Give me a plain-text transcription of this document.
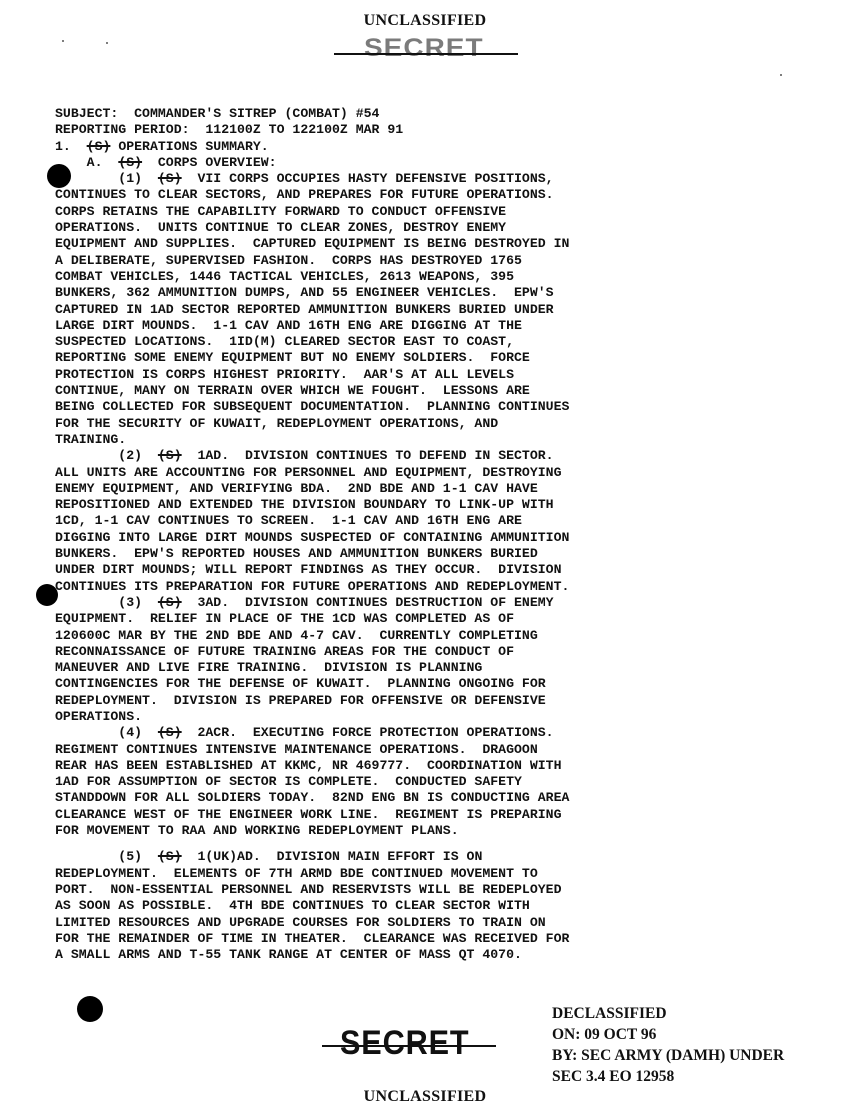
UNCLASSIFIED
SECRET
SUBJECT:  COMMANDER'S SITREP (COMBAT) #54
REPORTING PERIOD:  112100Z TO 122100Z MAR 91
1.  (S) OPERATIONS SUMMARY.
A.  (S)  CORPS OVERVIEW:
(1)  (S)  VII CORPS OCCUPIES HASTY DEFENSIVE POSITIONS,
CONTINUES TO CLEAR SECTORS, AND PREPARES FOR FUTURE OPERATIONS.
CORPS RETAINS THE CAPABILITY FORWARD TO CONDUCT OFFENSIVE
OPERATIONS.  UNITS CONTINUE TO CLEAR ZONES, DESTROY ENEMY
EQUIPMENT AND SUPPLIES.  CAPTURED EQUIPMENT IS BEING DESTROYED IN
A DELIBERATE, SUPERVISED FASHION.  CORPS HAS DESTROYED 1765
COMBAT VEHICLES, 1446 TACTICAL VEHICLES, 2613 WEAPONS, 395
BUNKERS, 362 AMMUNITION DUMPS, AND 55 ENGINEER VEHICLES.  EPW'S
CAPTURED IN 1AD SECTOR REPORTED AMMUNITION BUNKERS BURIED UNDER
LARGE DIRT MOUNDS.  1-1 CAV AND 16TH ENG ARE DIGGING AT THE
SUSPECTED LOCATIONS.  1ID(M) CLEARED SECTOR EAST TO COAST,
REPORTING SOME ENEMY EQUIPMENT BUT NO ENEMY SOLDIERS.  FORCE
PROTECTION IS CORPS HIGHEST PRIORITY.  AAR'S AT ALL LEVELS
CONTINUE, MANY ON TERRAIN OVER WHICH WE FOUGHT.  LESSONS ARE
BEING COLLECTED FOR SUBSEQUENT DOCUMENTATION.  PLANNING CONTINUES
FOR THE SECURITY OF KUWAIT, REDEPLOYMENT OPERATIONS, AND
TRAINING.
(2)  (S)  1AD.  DIVISION CONTINUES TO DEFEND IN SECTOR.
ALL UNITS ARE ACCOUNTING FOR PERSONNEL AND EQUIPMENT, DESTROYING
ENEMY EQUIPMENT, AND VERIFYING BDA.  2ND BDE AND 1-1 CAV HAVE
REPOSITIONED AND EXTENDED THE DIVISION BOUNDARY TO LINK-UP WITH
1CD, 1-1 CAV CONTINUES TO SCREEN.  1-1 CAV AND 16TH ENG ARE
DIGGING INTO LARGE DIRT MOUNDS SUSPECTED OF CONTAINING AMMUNITION
BUNKERS.  EPW'S REPORTED HOUSES AND AMMUNITION BUNKERS BURIED
UNDER DIRT MOUNDS; WILL REPORT FINDINGS AS THEY OCCUR.  DIVISION
CONTINUES ITS PREPARATION FOR FUTURE OPERATIONS AND REDEPLOYMENT.
(3)  (S)  3AD.  DIVISION CONTINUES DESTRUCTION OF ENEMY
EQUIPMENT.  RELIEF IN PLACE OF THE 1CD WAS COMPLETED AS OF
120600C MAR BY THE 2ND BDE AND 4-7 CAV.  CURRENTLY COMPLETING
RECONNAISSANCE OF FUTURE TRAINING AREAS FOR THE CONDUCT OF
MANEUVER AND LIVE FIRE TRAINING.  DIVISION IS PLANNING
CONTINGENCIES FOR THE DEFENSE OF KUWAIT.  PLANNING ONGOING FOR
REDEPLOYMENT.  DIVISION IS PREPARED FOR OFFENSIVE OR DEFENSIVE
OPERATIONS.
(4)  (S)  2ACR.  EXECUTING FORCE PROTECTION OPERATIONS.
REGIMENT CONTINUES INTENSIVE MAINTENANCE OPERATIONS.  DRAGOON
REAR HAS BEEN ESTABLISHED AT KKMC, NR 469777.  COORDINATION WITH
1AD FOR ASSUMPTION OF SECTOR IS COMPLETE.  CONDUCTED SAFETY
STANDDOWN FOR ALL SOLDIERS TODAY.  82ND ENG BN IS CONDUCTING AREA
CLEARANCE WEST OF THE ENGINEER WORK LINE.  REGIMENT IS PREPARING
FOR MOVEMENT TO RAA AND WORKING REDEPLOYMENT PLANS.
(5)  (S)  1(UK)AD.  DIVISION MAIN EFFORT IS ON
REDEPLOYMENT.  ELEMENTS OF 7TH ARMD BDE CONTINUED MOVEMENT TO
PORT.  NON-ESSENTIAL PERSONNEL AND RESERVISTS WILL BE REDEPLOYED
AS SOON AS POSSIBLE.  4TH BDE CONTINUES TO CLEAR SECTOR WITH
LIMITED RESOURCES AND UPGRADE COURSES FOR SOLDIERS TO TRAIN ON
FOR THE REMAINDER OF TIME IN THEATER.  CLEARANCE WAS RECEIVED FOR
A SMALL ARMS AND T-55 TANK RANGE AT CENTER OF MASS QT 4070.
SECRET
DECLASSIFIED
ON: 09 OCT 96
BY: SEC ARMY (DAMH) UNDER
SEC 3.4 EO 12958
UNCLASSIFIED
